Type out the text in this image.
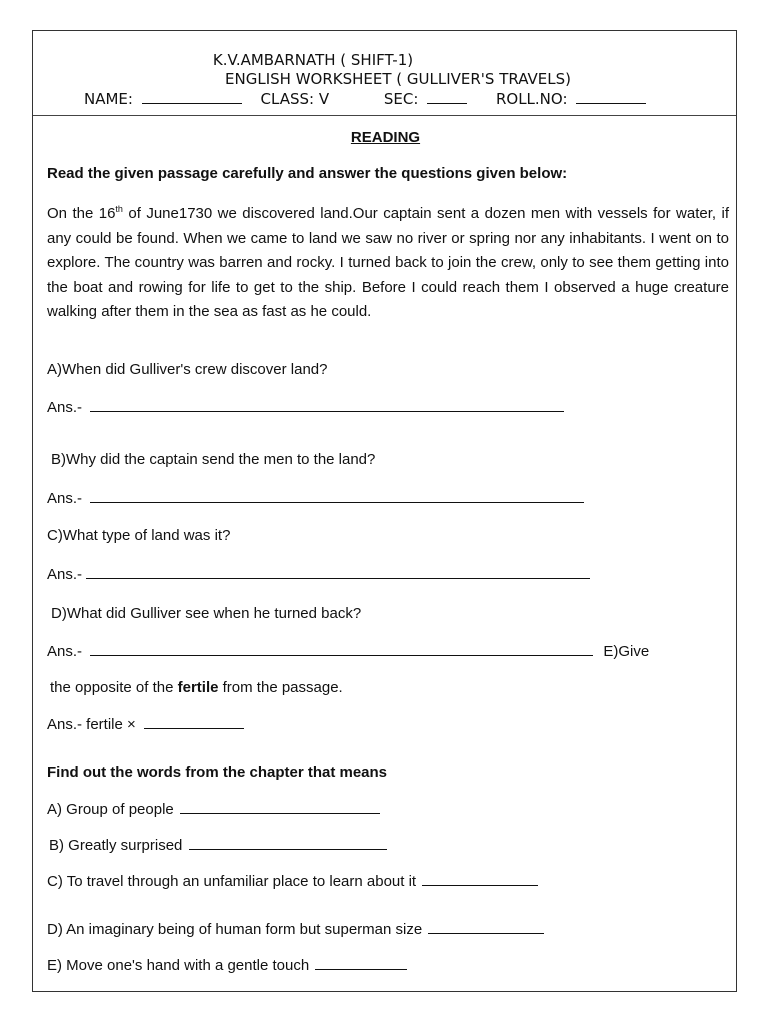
K.V.AMBARNATH ( SHIFT-1)
ENGLISH WORKSHEET ( GULLIVER'S TRAVELS)
NAME:	CLASS: V	SEC:	ROLL.NO:
READING
Read the given passage carefully and answer the questions given below:
On the 16th of June1730 we discovered land.Our captain sent a dozen men with vessels for water, if any could be found. When we came to land we saw no river or spring nor any inhabitants. I went on to explore. The country was barren and rocky. I turned back to join the crew, only to see them getting into the boat and rowing for life to get to the ship. Before I could reach them I observed a huge creature walking after them in the sea as fast as he could.
A)When did Gulliver's crew discover land?
Ans.-
B)Why did the captain send the men to the land?
Ans.-
C)What type of land was it?
Ans.-
D)What did Gulliver see when he turned back?
Ans.-	E)Give
the opposite of the fertile from the passage.
Ans.- fertile ×
Find out the words from the chapter that means
A) Group of people
B) Greatly surprised
C) To travel through an unfamiliar place to learn about it
D) An imaginary being of human form but superman size
E) Move one's hand with a gentle touch
